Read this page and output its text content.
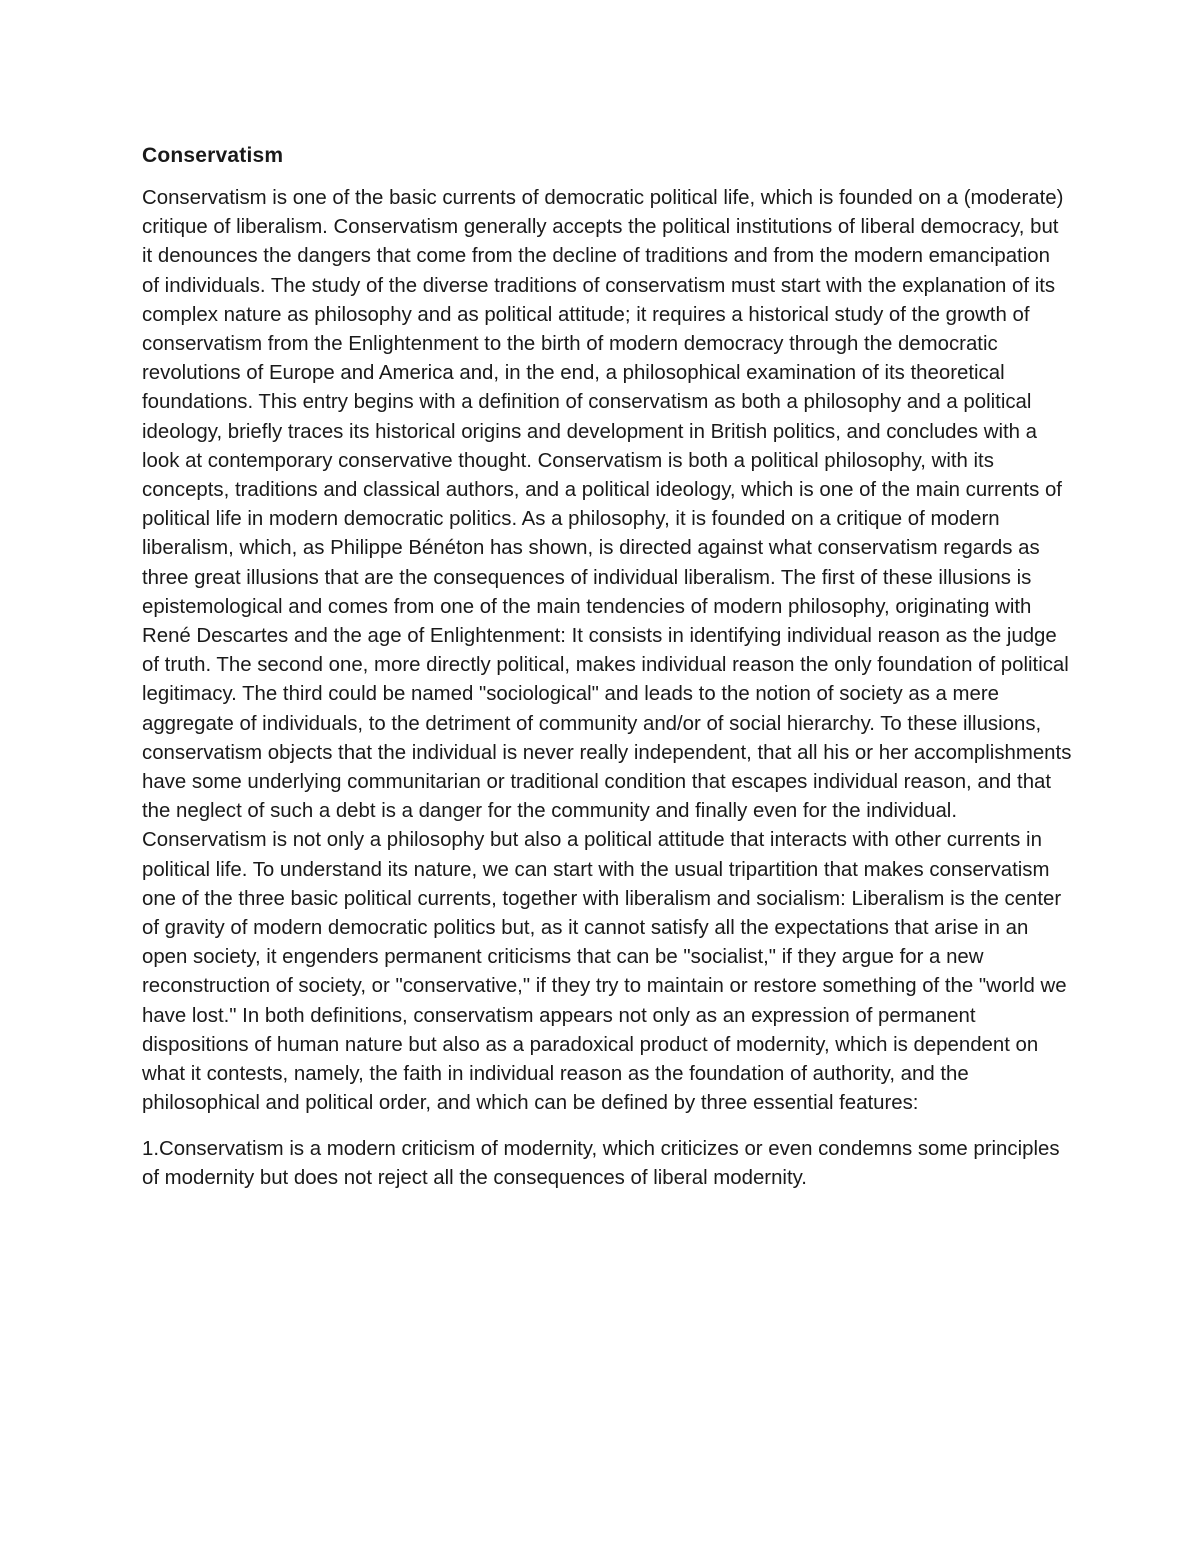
Conservatism

Conservatism is one of the basic currents of democratic political life, which is founded on a (moderate) critique of liberalism. Conservatism generally accepts the political institutions of liberal democracy, but it denounces the dangers that come from the decline of traditions and from the modern emancipation of individuals. The study of the diverse traditions of conservatism must start with the explanation of its complex nature as philosophy and as political attitude; it requires a historical study of the growth of conservatism from the Enlightenment to the birth of modern democracy through the democratic revolutions of Europe and America and, in the end, a philosophical examination of its theoretical foundations. This entry begins with a definition of conservatism as both a philosophy and a political ideology, briefly traces its historical origins and development in British politics, and concludes with a look at contemporary conservative thought. Conservatism is both a political philosophy, with its concepts, traditions and classical authors, and a political ideology, which is one of the main currents of political life in modern democratic politics. As a philosophy, it is founded on a critique of modern liberalism, which, as Philippe Bénéton has shown, is directed against what conservatism regards as three great illusions that are the consequences of individual liberalism. The first of these illusions is epistemological and comes from one of the main tendencies of modern philosophy, originating with René Descartes and the age of Enlightenment: It consists in identifying individual reason as the judge of truth. The second one, more directly political, makes individual reason the only foundation of political legitimacy. The third could be named "sociological" and leads to the notion of society as a mere aggregate of individuals, to the detriment of community and/or of social hierarchy. To these illusions, conservatism objects that the individual is never really independent, that all his or her accomplishments have some underlying communitarian or traditional condition that escapes individual reason, and that the neglect of such a debt is a danger for the community and finally even for the individual. Conservatism is not only a philosophy but also a political attitude that interacts with other currents in political life. To understand its nature, we can start with the usual tripartition that makes conservatism one of the three basic political currents, together with liberalism and socialism: Liberalism is the center of gravity of modern democratic politics but, as it cannot satisfy all the expectations that arise in an open society, it engenders permanent criticisms that can be "socialist," if they argue for a new reconstruction of society, or "conservative," if they try to maintain or restore something of the "world we have lost." In both definitions, conservatism appears not only as an expression of permanent dispositions of human nature but also as a paradoxical product of modernity, which is dependent on what it contests, namely, the faith in individual reason as the foundation of authority, and the philosophical and political order, and which can be defined by three essential features:

1.Conservatism is a modern criticism of modernity, which criticizes or even condemns some principles of modernity but does not reject all the consequences of liberal modernity.
